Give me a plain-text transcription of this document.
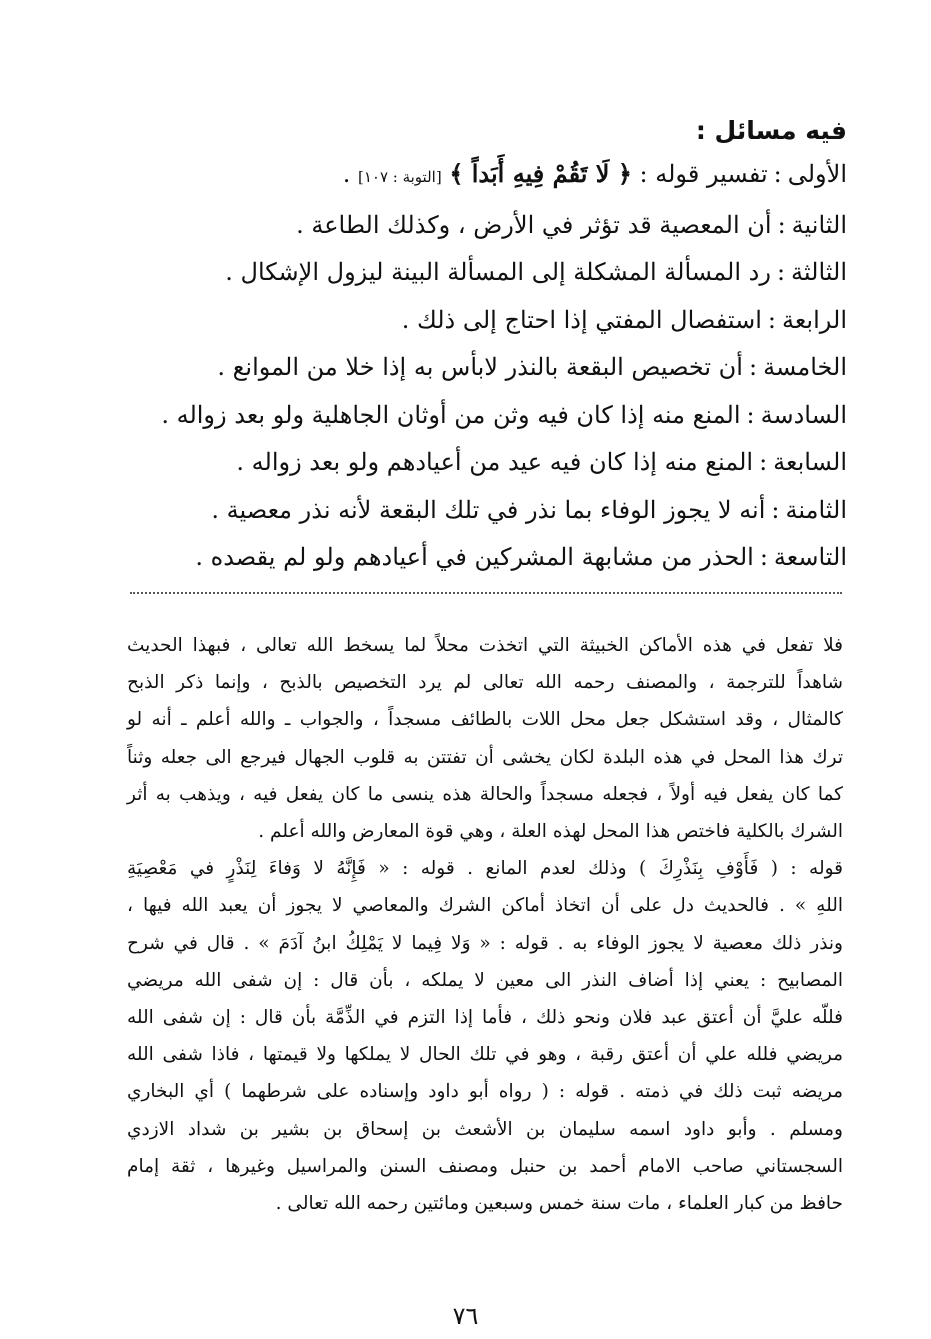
فيه مسائل :
الأولى:تفسير قوله : ﴿ لَا تَقُمْ فِيهِ أَبَداً ﴾ [التوبة : ١٠٧] .
الثانية:أن المعصية قد تؤثر في الأرض ، وكذلك الطاعة .
الثالثة:رد المسألة المشكلة إلى المسألة البينة ليزول الإشكال .
الرابعة:استفصال المفتي إذا احتاج إلى ذلك .
الخامسة:أن تخصيص البقعة بالنذر لابأس به إذا خلا من الموانع .
السادسة:المنع منه إذا كان فيه وثن من أوثان الجاهلية ولو بعد زواله .
السابعة:المنع منه إذا كان فيه عيد من أعيادهم ولو بعد زواله .
الثامنة:أنه لا يجوز الوفاء بما نذر في تلك البقعة لأنه نذر معصية .
التاسعة:الحذر من مشابهة المشركين في أعيادهم ولو لم يقصده .
فلا تفعل في هذه الأماكن الخبيثة التي اتخذت محلاً لما يسخط الله تعالى ، فبهذا الحديث
شاهداً للترجمة ، والمصنف رحمه الله تعالى لم يرد التخصيص بالذبح ، وإنما ذكر الذبح
كالمثال ، وقد استشكل جعل محل اللات بالطائف مسجداً ، والجواب ـ والله أعلم ـ أنه لو
ترك هذا المحل في هذه البلدة لكان يخشى أن تفتتن به قلوب الجهال فيرجع الى جعله وثناً
كما كان يفعل فيه أولاً ، فجعله مسجداً والحالة هذه ينسى ما كان يفعل فيه ، ويذهب به أثر
الشرك بالكلية فاختص هذا المحل لهذه العلة ، وهي قوة المعارض والله أعلم .
قوله : ( فَأَوْفِ بِنَذْرِكَ ) وذلك لعدم المانع . قوله : « فَإِنَّهُ لا وَفاءَ لِنَذْرٍ في مَعْصِيَةِ
اللهِ » . فالحديث دل على أن اتخاذ أماكن الشرك والمعاصي لا يجوز أن يعبد الله فيها ،
ونذر ذلك معصية لا يجوز الوفاء به . قوله : « وَلا فِيما لا يَمْلِكُ ابنُ آدَمَ » . قال في شرح
المصابيح : يعني إذا أضاف النذر الى معين لا يملكه ، بأن قال : إن شفى الله مريضي
فللّه عليَّ أن أعتق عبد فلان ونحو ذلك ، فأما إذا التزم في الذِّمَّة بأن قال : إن شفى الله
مريضي فلله علي أن أعتق رقبة ، وهو في تلك الحال لا يملكها ولا قيمتها ، فاذا شفى الله
مريضه ثبت ذلك في ذمته . قوله : ( رواه أبو داود وإسناده على شرطهما ) أي البخاري
ومسلم . وأبو داود اسمه سليمان بن الأشعث بن إسحاق بن بشير بن شداد الازدي
السجستاني صاحب الامام أحمد بن حنبل ومصنف السنن والمراسيل وغيرها ، ثقة إمام
حافظ من كبار العلماء ، مات سنة خمس وسبعين ومائتين رحمه الله تعالى .
٧٦
